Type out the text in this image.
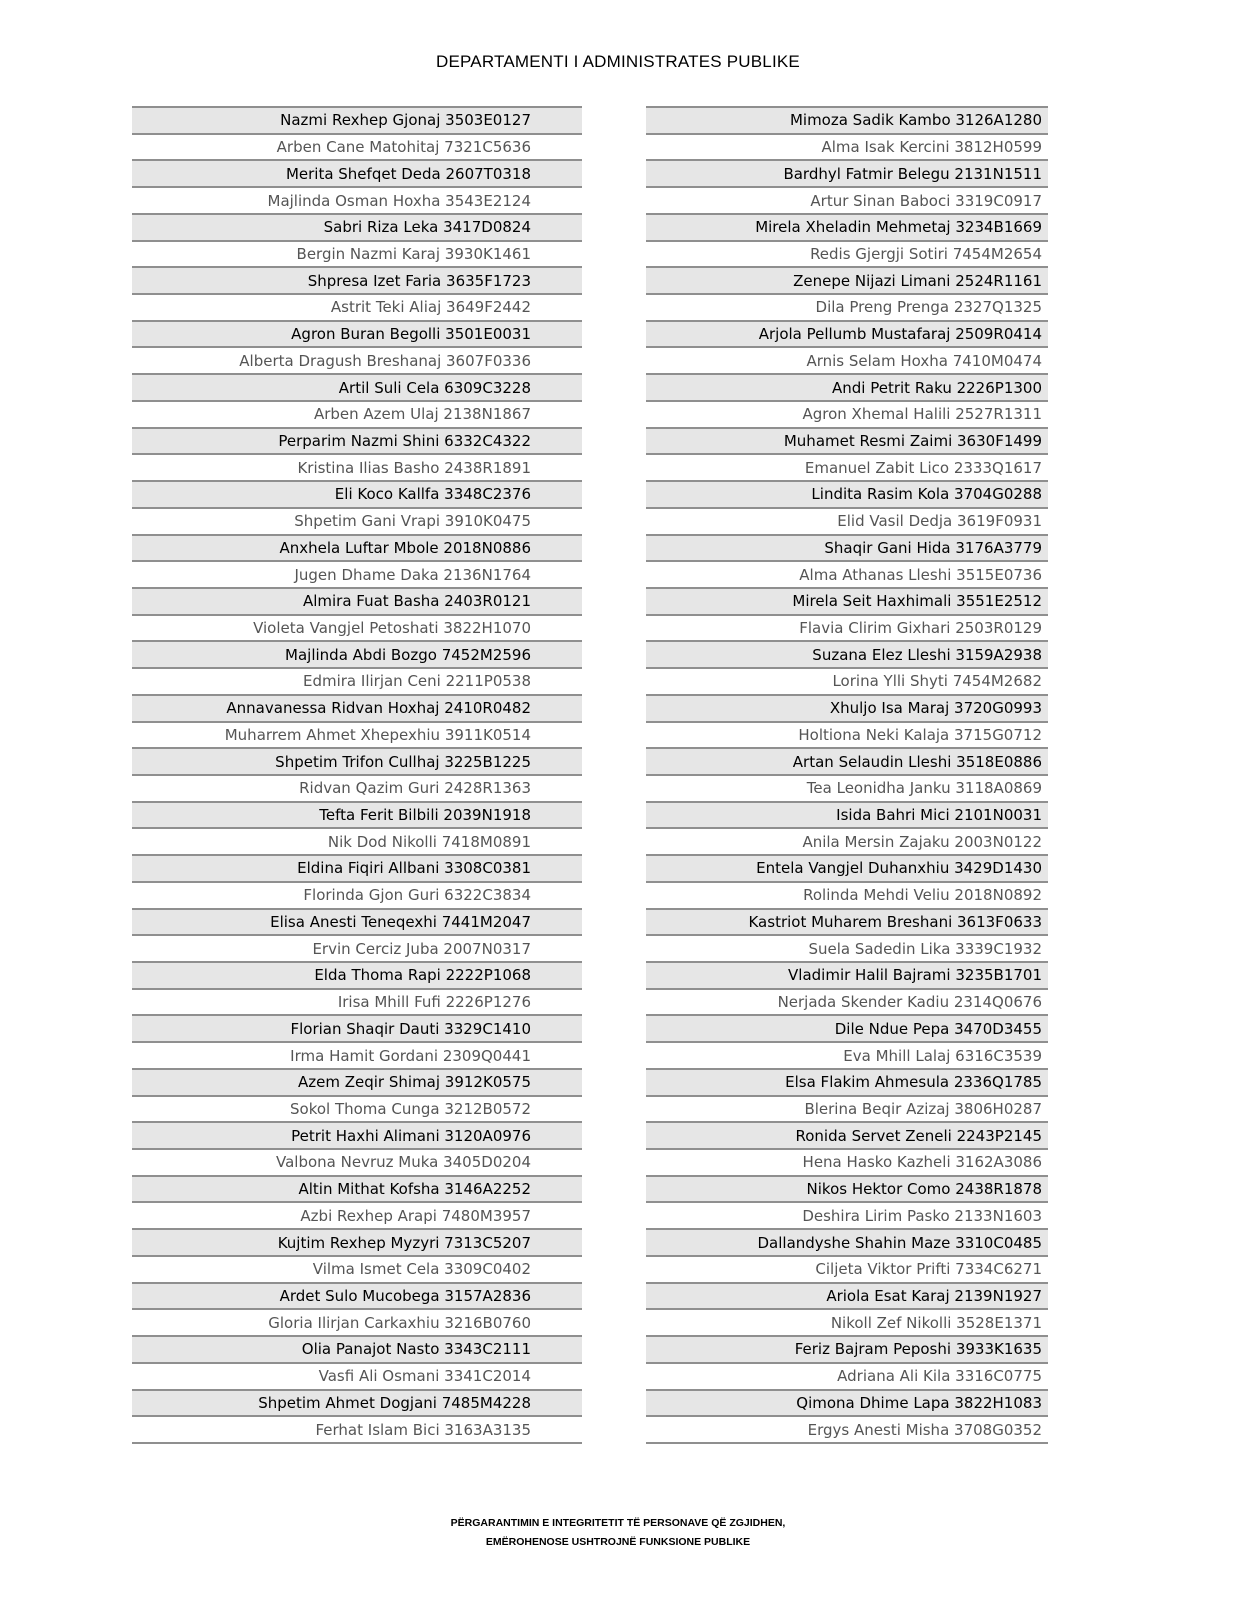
DEPARTAMENTI I ADMINISTRATES PUBLIKE
Nazmi Rexhep Gjonaj 3503E0127
Arben Cane Matohitaj 7321C5636
Merita Shefqet Deda 2607T0318
Majlinda Osman Hoxha 3543E2124
Sabri Riza Leka 3417D0824
Bergin Nazmi Karaj 3930K1461
Shpresa Izet Faria 3635F1723
Astrit Teki Aliaj 3649F2442
Agron Buran Begolli 3501E0031
Alberta Dragush Breshanaj 3607F0336
Artil Suli Cela 6309C3228
Arben Azem Ulaj 2138N1867
Perparim Nazmi Shini 6332C4322
Kristina Ilias Basho 2438R1891
Eli Koco Kallfa 3348C2376
Shpetim Gani Vrapi 3910K0475
Anxhela Luftar Mbole 2018N0886
Jugen Dhame Daka 2136N1764
Almira Fuat Basha 2403R0121
Violeta Vangjel Petoshati 3822H1070
Majlinda Abdi Bozgo 7452M2596
Edmira Ilirjan Ceni 2211P0538
Annavanessa Ridvan Hoxhaj 2410R0482
Muharrem Ahmet Xhepexhiu 3911K0514
Shpetim Trifon Cullhaj 3225B1225
Ridvan Qazim Guri 2428R1363
Tefta Ferit Bilbili 2039N1918
Nik Dod Nikolli 7418M0891
Eldina Fiqiri Allbani 3308C0381
Florinda Gjon Guri 6322C3834
Elisa Anesti Teneqexhi 7441M2047
Ervin Cerciz Juba 2007N0317
Elda Thoma Rapi 2222P1068
Irisa Mhill Fufi 2226P1276
Florian Shaqir Dauti 3329C1410
Irma Hamit Gordani 2309Q0441
Azem Zeqir Shimaj 3912K0575
Sokol Thoma Cunga 3212B0572
Petrit Haxhi Alimani 3120A0976
Valbona Nevruz Muka 3405D0204
Altin Mithat Kofsha 3146A2252
Azbi Rexhep Arapi 7480M3957
Kujtim Rexhep Myzyri 7313C5207
Vilma Ismet Cela 3309C0402
Ardet Sulo Mucobega 3157A2836
Gloria Ilirjan Carkaxhiu 3216B0760
Olia Panajot Nasto 3343C2111
Vasfi Ali Osmani 3341C2014
Shpetim Ahmet Dogjani 7485M4228
Ferhat Islam Bici 3163A3135
Mimoza Sadik Kambo 3126A1280
Alma Isak Kercini 3812H0599
Bardhyl Fatmir Belegu 2131N1511
Artur Sinan Baboci 3319C0917
Mirela Xheladin Mehmetaj 3234B1669
Redis Gjergji Sotiri 7454M2654
Zenepe Nijazi Limani 2524R1161
Dila Preng Prenga 2327Q1325
Arjola Pellumb Mustafaraj 2509R0414
Arnis Selam Hoxha 7410M0474
Andi Petrit Raku 2226P1300
Agron Xhemal Halili 2527R1311
Muhamet Resmi Zaimi 3630F1499
Emanuel Zabit Lico 2333Q1617
Lindita Rasim Kola 3704G0288
Elid Vasil Dedja 3619F0931
Shaqir Gani Hida 3176A3779
Alma Athanas Lleshi 3515E0736
Mirela Seit Haxhimali 3551E2512
Flavia Clirim Gixhari 2503R0129
Suzana Elez Lleshi 3159A2938
Lorina Ylli Shyti 7454M2682
Xhuljo Isa Maraj 3720G0993
Holtiona Neki Kalaja 3715G0712
Artan Selaudin Lleshi 3518E0886
Tea Leonidha Janku 3118A0869
Isida Bahri Mici 2101N0031
Anila Mersin Zajaku 2003N0122
Entela Vangjel Duhanxhiu 3429D1430
Rolinda Mehdi Veliu 2018N0892
Kastriot Muharem Breshani 3613F0633
Suela Sadedin Lika 3339C1932
Vladimir Halil Bajrami 3235B1701
Nerjada Skender Kadiu 2314Q0676
Dile Ndue Pepa 3470D3455
Eva Mhill Lalaj 6316C3539
Elsa Flakim Ahmesula 2336Q1785
Blerina Beqir Azizaj 3806H0287
Ronida Servet Zeneli 2243P2145
Hena Hasko Kazheli 3162A3086
Nikos Hektor Como 2438R1878
Deshira Lirim Pasko 2133N1603
Dallandyshe Shahin Maze 3310C0485
Ciljeta Viktor Prifti 7334C6271
Ariola Esat Karaj 2139N1927
Nikoll Zef Nikolli 3528E1371
Feriz Bajram Peposhi 3933K1635
Adriana Ali Kila 3316C0775
Qimona Dhime Lapa 3822H1083
Ergys Anesti Misha 3708G0352
PËRGARANTIMIN E INTEGRITETIT TË PERSONAVE QË ZGJIDHEN,
EMËROHENOSE USHTROJNË FUNKSIONE PUBLIKE
